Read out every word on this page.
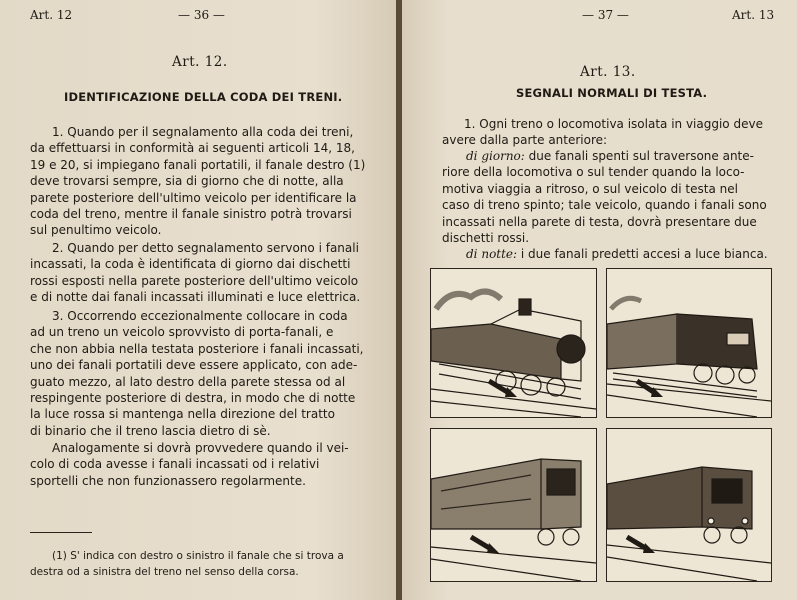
Art. 12	— 36 —
Art. 12.
IDENTIFICAZIONE DELLA CODA DEI TRENI.
1. Quando per il segnalamento alla coda dei treni,
da effettuarsi in conformità ai seguenti articoli 14, 18,
19 e 20, si impiegano fanali portatili, il fanale destro (1)
deve trovarsi sempre, sia di giorno che di notte, alla
parete posteriore dell'ultimo veicolo per identificare la
coda del treno, mentre il fanale sinistro potrà trovarsi
sul penultimo veicolo.
2. Quando per detto segnalamento servono i fanali
incassati, la coda è identificata di giorno dai dischetti
rossi esposti nella parete posteriore dell'ultimo veicolo
e di notte dai fanali incassati illuminati e luce elettrica.
3. Occorrendo eccezionalmente collocare in coda
ad un treno un veicolo sprovvisto di porta-fanali, e
che non abbia nella testata posteriore i fanali incassati,
uno dei fanali portatili deve essere applicato, con ade-
guato mezzo, al lato destro della parete stessa od al
respingente posteriore di destra, in modo che di notte
la luce rossa si mantenga nella direzione del tratto
di binario che il treno lascia dietro di sè.
Analogamente si dovrà provvedere quando il vei-
colo di coda avesse i fanali incassati od i relativi
sportelli che non funzionassero regolarmente.
(1) S' indica con destro o sinistro il fanale che si trova a
destra od a sinistra del treno nel senso della corsa.
— 37 —	Art. 13
Art. 13.
SEGNALI NORMALI DI TESTA.
1. Ogni treno o locomotiva isolata in viaggio deve
avere dalla parte anteriore:
di giorno: due fanali spenti sul traversone ante-
riore della locomotiva o sul tender quando la loco-
motiva viaggia a ritroso, o sul veicolo di testa nel
caso di treno spinto; tale veicolo, quando i fanali sono
incassati nella parete di testa, dovrà presentare due
dischetti rossi.
di notte: i due fanali predetti accesi a luce bianca.
